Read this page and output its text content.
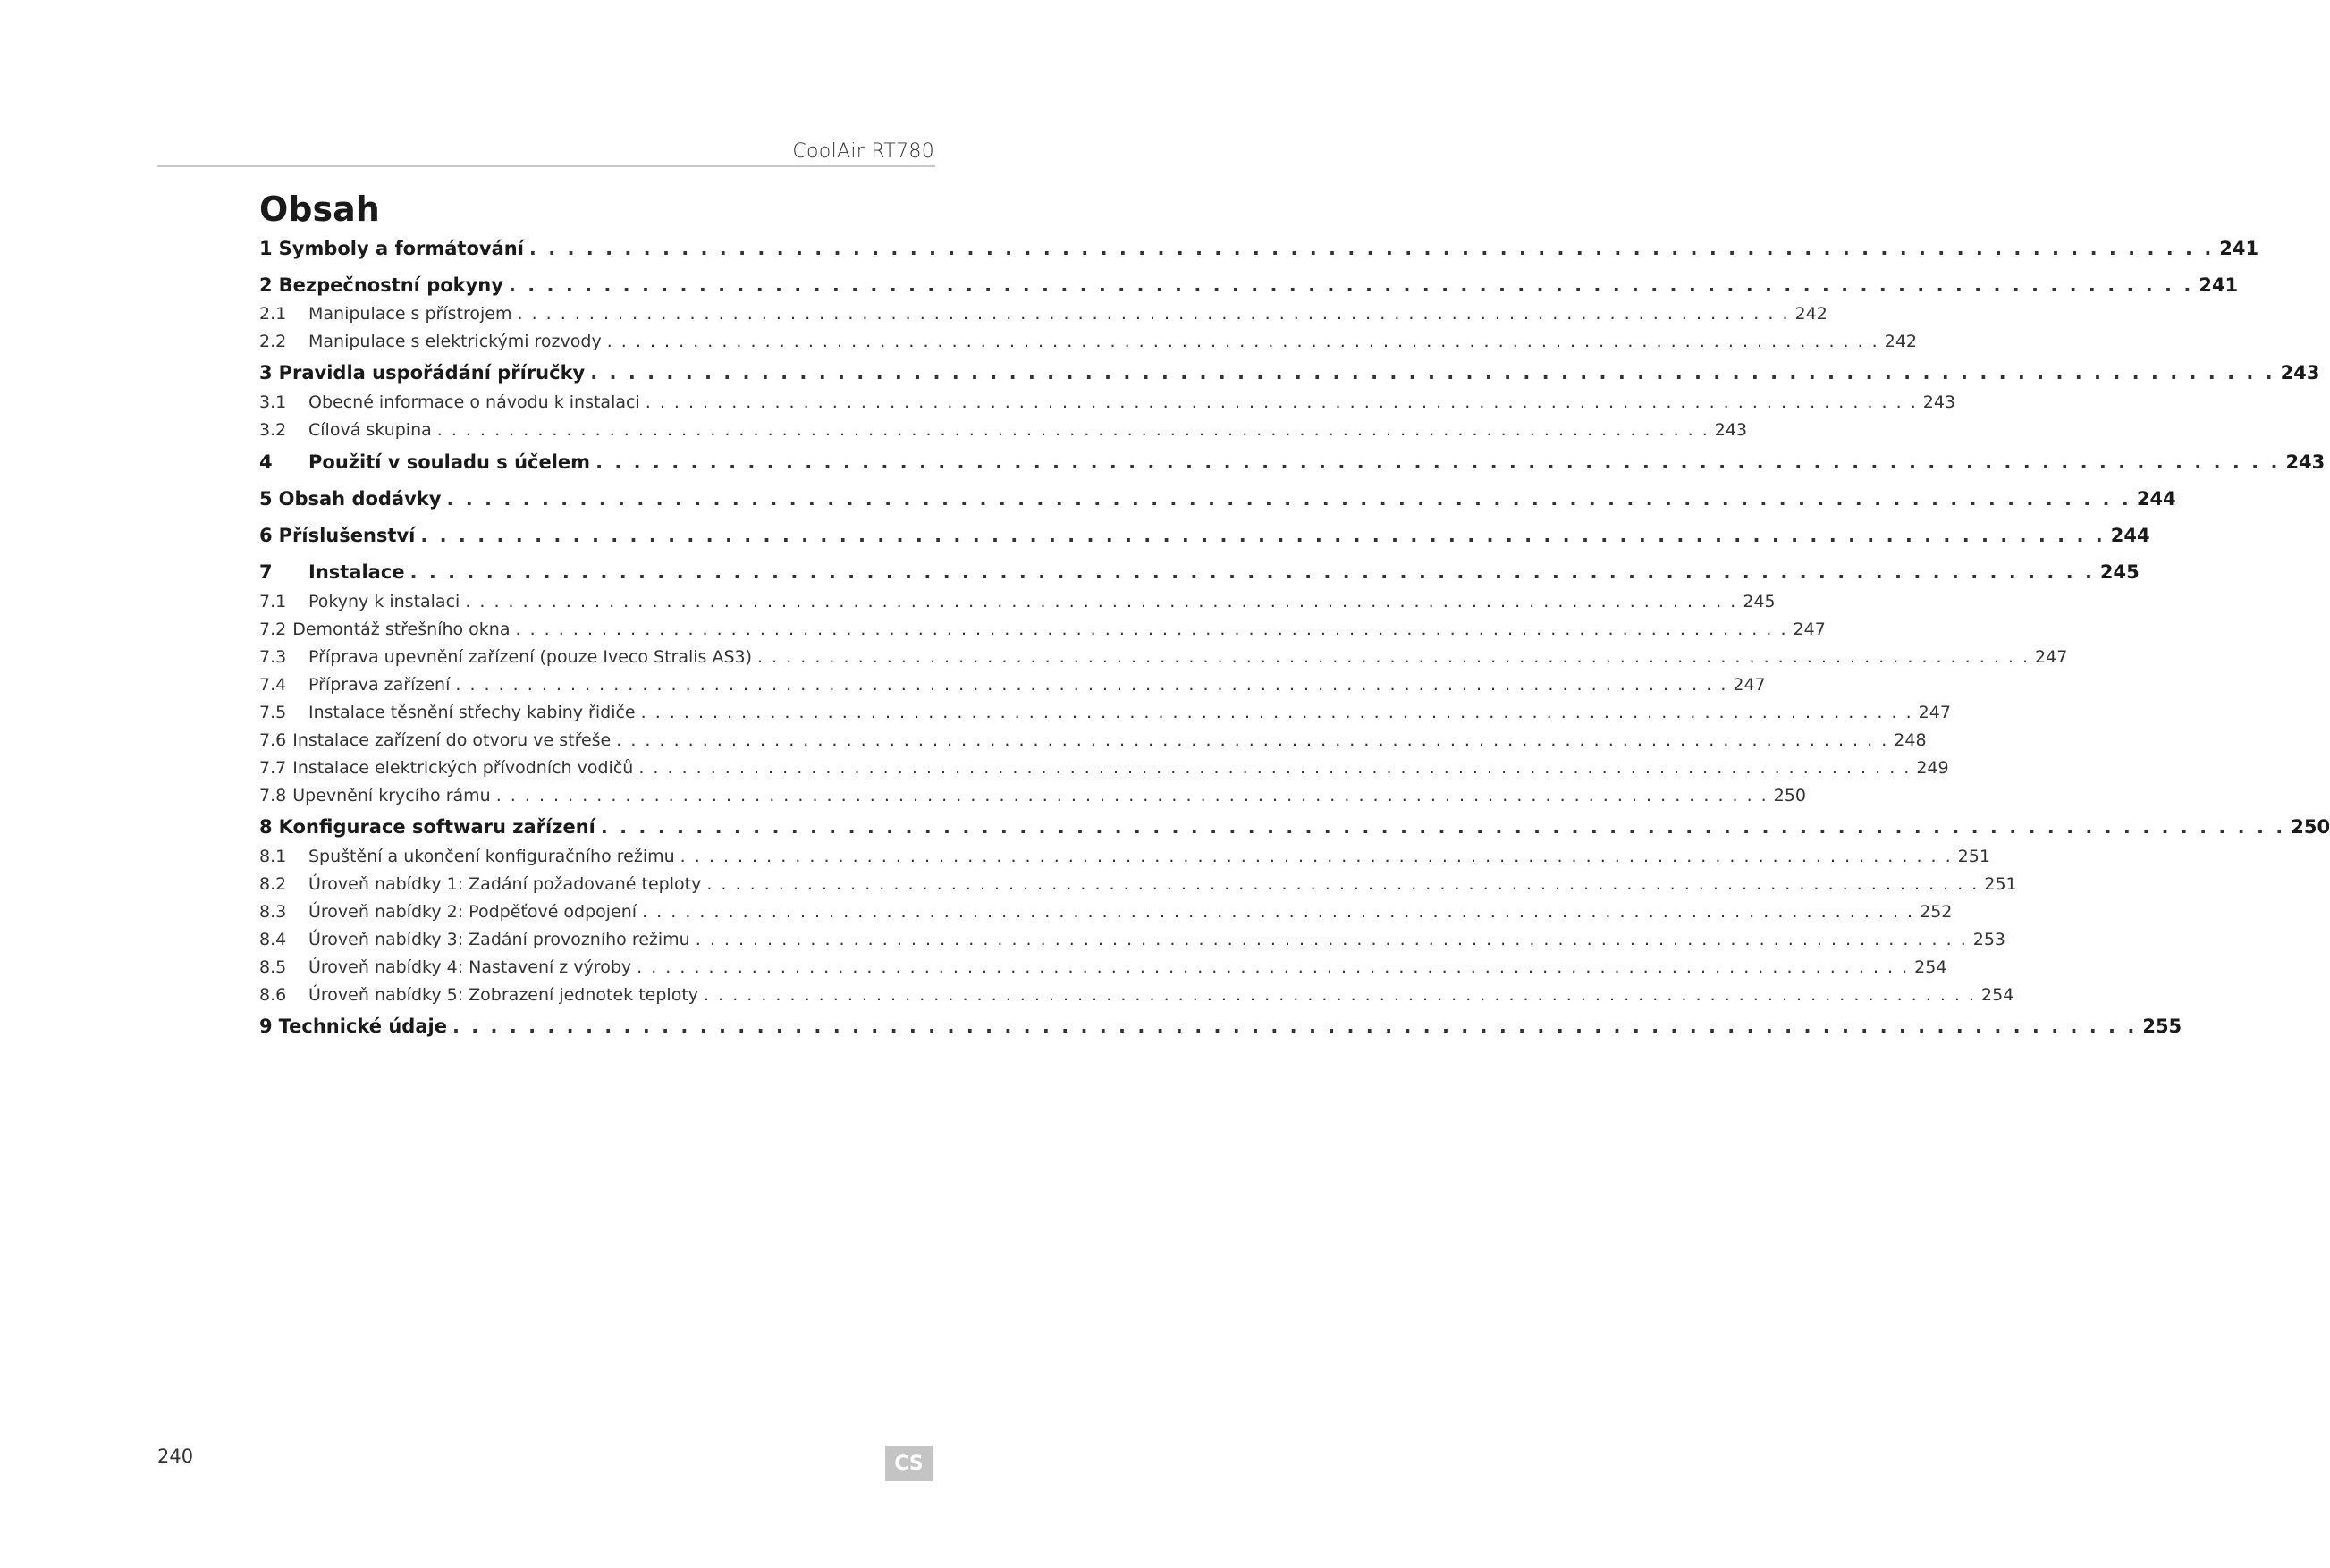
CoolAir RT780
Obsah
1 Symboly a formátování . . . . . . . . . . . . . . . . . . . . . . . . . . . . . . . . . . . . . . . . . . . . . . . . . . . . . . . . . . . . . . . . . . . . . . . . . . . . . . . . . . . . . . . . . 241
2 Bezpečnostní pokyny . . . . . . . . . . . . . . . . . . . . . . . . . . . . . . . . . . . . . . . . . . . . . . . . . . . . . . . . . . . . . . . . . . . . . . . . . . . . . . . . . . . . . . . . . 241
2.1	Manipulace s přístrojem . . . . . . . . . . . . . . . . . . . . . . . . . . . . . . . . . . . . . . . . . . . . . . . . . . . . . . . . . . . . . . . . . . . . . . . . . . . . . . . . . . . . . . . . . 242
2.2	Manipulace s elektrickými rozvody . . . . . . . . . . . . . . . . . . . . . . . . . . . . . . . . . . . . . . . . . . . . . . . . . . . . . . . . . . . . . . . . . . . . . . . . . . . . . . . . . . . . . . . . . 242
3 Pravidla uspořádání příručky . . . . . . . . . . . . . . . . . . . . . . . . . . . . . . . . . . . . . . . . . . . . . . . . . . . . . . . . . . . . . . . . . . . . . . . . . . . . . . . . . . . . . . . . . 243
3.1	Obecné informace o návodu k instalaci . . . . . . . . . . . . . . . . . . . . . . . . . . . . . . . . . . . . . . . . . . . . . . . . . . . . . . . . . . . . . . . . . . . . . . . . . . . . . . . . . . . . . . . . . 243
3.2	Cílová skupina . . . . . . . . . . . . . . . . . . . . . . . . . . . . . . . . . . . . . . . . . . . . . . . . . . . . . . . . . . . . . . . . . . . . . . . . . . . . . . . . . . . . . . . . . 243
4	Použití v souladu s účelem . . . . . . . . . . . . . . . . . . . . . . . . . . . . . . . . . . . . . . . . . . . . . . . . . . . . . . . . . . . . . . . . . . . . . . . . . . . . . . . . . . . . . . . . . 243
5 Obsah dodávky . . . . . . . . . . . . . . . . . . . . . . . . . . . . . . . . . . . . . . . . . . . . . . . . . . . . . . . . . . . . . . . . . . . . . . . . . . . . . . . . . . . . . . . . . 244
6 Příslušenství . . . . . . . . . . . . . . . . . . . . . . . . . . . . . . . . . . . . . . . . . . . . . . . . . . . . . . . . . . . . . . . . . . . . . . . . . . . . . . . . . . . . . . . . . 244
7	Instalace . . . . . . . . . . . . . . . . . . . . . . . . . . . . . . . . . . . . . . . . . . . . . . . . . . . . . . . . . . . . . . . . . . . . . . . . . . . . . . . . . . . . . . . . . 245
7.1	Pokyny k instalaci . . . . . . . . . . . . . . . . . . . . . . . . . . . . . . . . . . . . . . . . . . . . . . . . . . . . . . . . . . . . . . . . . . . . . . . . . . . . . . . . . . . . . . . . . 245
7.2 Demontáž střešního okna . . . . . . . . . . . . . . . . . . . . . . . . . . . . . . . . . . . . . . . . . . . . . . . . . . . . . . . . . . . . . . . . . . . . . . . . . . . . . . . . . . . . . . . . . 247
7.3	Příprava upevnění zařízení (pouze Iveco Stralis AS3) . . . . . . . . . . . . . . . . . . . . . . . . . . . . . . . . . . . . . . . . . . . . . . . . . . . . . . . . . . . . . . . . . . . . . . . . . . . . . . . . . . . . . . . . . 247
7.4	Příprava zařízení . . . . . . . . . . . . . . . . . . . . . . . . . . . . . . . . . . . . . . . . . . . . . . . . . . . . . . . . . . . . . . . . . . . . . . . . . . . . . . . . . . . . . . . . . 247
7.5	Instalace těsnění střechy kabiny řidiče . . . . . . . . . . . . . . . . . . . . . . . . . . . . . . . . . . . . . . . . . . . . . . . . . . . . . . . . . . . . . . . . . . . . . . . . . . . . . . . . . . . . . . . . . 247
7.6 Instalace zařízení do otvoru ve střeše . . . . . . . . . . . . . . . . . . . . . . . . . . . . . . . . . . . . . . . . . . . . . . . . . . . . . . . . . . . . . . . . . . . . . . . . . . . . . . . . . . . . . . . . . 248
7.7 Instalace elektrických přívodních vodičů . . . . . . . . . . . . . . . . . . . . . . . . . . . . . . . . . . . . . . . . . . . . . . . . . . . . . . . . . . . . . . . . . . . . . . . . . . . . . . . . . . . . . . . . . 249
7.8 Upevnění krycího rámu . . . . . . . . . . . . . . . . . . . . . . . . . . . . . . . . . . . . . . . . . . . . . . . . . . . . . . . . . . . . . . . . . . . . . . . . . . . . . . . . . . . . . . . . . 250
8 Konfigurace softwaru zařízení . . . . . . . . . . . . . . . . . . . . . . . . . . . . . . . . . . . . . . . . . . . . . . . . . . . . . . . . . . . . . . . . . . . . . . . . . . . . . . . . . . . . . . . . . 250
8.1	Spuštění a ukončení konfiguračního režimu . . . . . . . . . . . . . . . . . . . . . . . . . . . . . . . . . . . . . . . . . . . . . . . . . . . . . . . . . . . . . . . . . . . . . . . . . . . . . . . . . . . . . . . . . 251
8.2	Úroveň nabídky 1: Zadání požadované teploty . . . . . . . . . . . . . . . . . . . . . . . . . . . . . . . . . . . . . . . . . . . . . . . . . . . . . . . . . . . . . . . . . . . . . . . . . . . . . . . . . . . . . . . . . 251
8.3	Úroveň nabídky 2: Podpěťové odpojení . . . . . . . . . . . . . . . . . . . . . . . . . . . . . . . . . . . . . . . . . . . . . . . . . . . . . . . . . . . . . . . . . . . . . . . . . . . . . . . . . . . . . . . . . 252
8.4	Úroveň nabídky 3: Zadání provozního režimu . . . . . . . . . . . . . . . . . . . . . . . . . . . . . . . . . . . . . . . . . . . . . . . . . . . . . . . . . . . . . . . . . . . . . . . . . . . . . . . . . . . . . . . . . 253
8.5	Úroveň nabídky 4: Nastavení z výroby . . . . . . . . . . . . . . . . . . . . . . . . . . . . . . . . . . . . . . . . . . . . . . . . . . . . . . . . . . . . . . . . . . . . . . . . . . . . . . . . . . . . . . . . . 254
8.6	Úroveň nabídky 5: Zobrazení jednotek teploty . . . . . . . . . . . . . . . . . . . . . . . . . . . . . . . . . . . . . . . . . . . . . . . . . . . . . . . . . . . . . . . . . . . . . . . . . . . . . . . . . . . . . . . . . 254
9 Technické údaje . . . . . . . . . . . . . . . . . . . . . . . . . . . . . . . . . . . . . . . . . . . . . . . . . . . . . . . . . . . . . . . . . . . . . . . . . . . . . . . . . . . . . . . . . 255
240	CS
